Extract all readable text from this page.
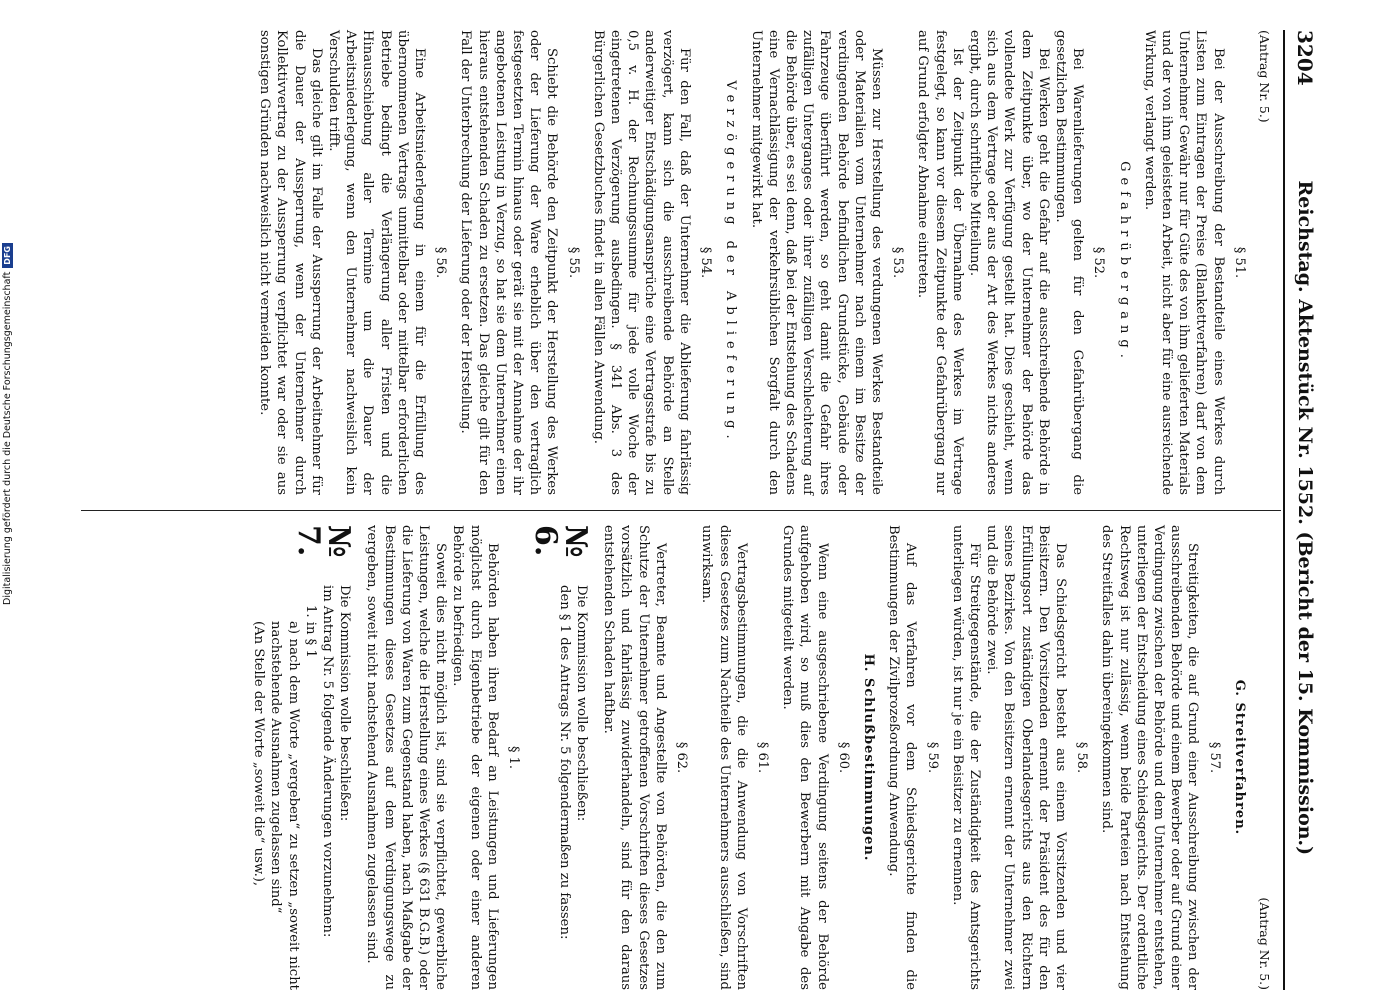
3204
Reichstag. Aktenstück Nr. 1552. (Bericht der 15. Kommission.)
(Antrag Nr. 5.)
§ 51.

Bei der Ausschreibung der Bestandteile eines Werkes durch Listen zum Eintragen der Preise (Blankettverfahren) darf von dem Unternehmer Gewähr nur für Güte des von ihm gelieferten Materials und der von ihm geleisteten Arbeit, nicht aber für eine ausreichende Wirkung, verlangt werden.

Gefahrübergang.
§ 52.

Bei Warenlieferungen gelten für den Gefahrübergang die gesetzlichen Bestimmungen.

Bei Werken geht die Gefahr auf die ausschreibende Behörde in dem Zeitpunkte über, wo der Unternehmer der Behörde das vollendete Werk zur Verfügung gestellt hat. Dies geschieht, wenn sich aus dem Vertrage oder aus der Art des Werkes nichts anderes ergibt, durch schriftliche Mitteilung.

Ist der Zeitpunkt der Übernahme des Werkes im Vertrage festgelegt, so kann vor diesem Zeitpunkte der Gefahrübergang nur auf Grund erfolgter Abnahme eintreten.

§ 53.

Müssen zur Herstellung des verdungenen Werkes Bestandteile oder Materialien vom Unternehmer nach einem im Besitze der verdingenden Behörde befindlichen Grundstücke, Gebäude oder Fahrzeuge überführt werden, so geht damit die Gefahr ihres zufälligen Unterganges oder ihrer zufälligen Verschlechterung auf die Behörde über, es sei denn, daß bei der Entstehung des Schadens eine Vernachlässigung der verkehrsüblichen Sorgfalt durch den Unternehmer mitgewirkt hat.

Verzögerung der Ablieferung.
§ 54.

Für den Fall, daß der Unternehmer die Ablieferung fahrlässig verzögert, kann sich die ausschreibende Behörde an Stelle anderweitiger Entschädigungsansprüche eine Vertragsstrafe bis zu 0,5 v. H. der Rechnungssumme für jede volle Woche der eingetretenen Verzögerung ausbedingen. § 341 Abs. 3 des Bürgerlichen Gesetzbuches findet in allen Fällen Anwendung.

§ 55.

Schiebt die Behörde den Zeitpunkt der Herstellung des Werkes oder der Lieferung der Ware erheblich über den vertraglich festgesetzten Termin hinaus oder gerät sie mit der Annahme der ihr angebotenen Leistung in Verzug, so hat sie dem Unternehmer einen hieraus entstehenden Schaden zu ersetzen. Das gleiche gilt für den Fall der Unterbrechung der Lieferung oder der Herstellung.

§ 56.

Eine Arbeitsniederlegung in einem für die Erfüllung des übernommenen Vertrags unmittelbar oder mittelbar erforderlichen Betriebe bedingt die Verlängerung aller Fristen und die Hinausschiebung aller Termine um die Dauer der Arbeitsniederlegung, wenn den Unternehmer nachweislich kein Verschulden trifft.

Das gleiche gilt im Falle der Aussperrung der Arbeitnehmer für die Dauer der Aussperrung, wenn der Unternehmer durch Kollektivvertrag zu der Aussperrung verpflichtet war oder sie aus sonstigen Gründen nachweislich nicht vermeiden konnte.

(Antrag Nr. 5.)
G. Streitverfahren.
§ 57.

Streitigkeiten, die auf Grund einer Ausschreibung zwischen der ausschreibenden Behörde und einem Bewerber oder auf Grund einer Verdingung zwischen der Behörde und dem Unternehmer entstehen, unterliegen der Entscheidung eines Schiedsgerichts. Der ordentliche Rechtsweg ist nur zulässig, wenn beide Parteien nach Entstehung des Streitfalles dahin übereingekommen sind.

§ 58.

Das Schiedsgericht besteht aus einem Vorsitzenden und vier Beisitzern. Den Vorsitzenden ernennt der Präsident des für den Erfüllungsort zuständigen Oberlandesgerichts aus den Richtern seines Bezirkes. Von den Beisitzern ernennt der Unternehmer zwei und die Behörde zwei.

Für Streitgegenstände, die der Zuständigkeit des Amtsgerichts unterliegen würden, ist nur je ein Beisitzer zu ernennen.

§ 59.

Auf das Verfahren vor dem Schiedsgerichte finden die Bestimmungen der Zivilprozeßordnung Anwendung.

H. Schlußbestimmungen.
§ 60.

Wenn eine ausgeschriebene Verdingung seitens der Behörde aufgehoben wird, so muß dies den Bewerbern mit Angabe des Grundes mitgeteilt werden.

§ 61.

Vertragsbestimmungen, die die Anwendung von Vorschriften dieses Gesetzes zum Nachteile des Unternehmers ausschließen, sind unwirksam.

§ 62.

Vertreter, Beamte und Angestellte von Behörden, die den zum Schutze der Unternehmer getroffenen Vorschriften dieses Gesetzes vorsätzlich und fahrlässig zuwiderhandeln, sind für den daraus entstehenden Schaden haftbar.

№ 6.

Die Kommission wolle beschließen:

den § 1 des Antrags Nr. 5 folgendermaßen zu fassen:

§ 1.

Behörden haben ihren Bedarf an Leistungen und Lieferungen möglichst durch Eigenbetriebe der eigenen oder einer anderen Behörde zu befriedigen.

Soweit dies nicht möglich ist, sind sie verpflichtet, gewerbliche Leistungen, welche die Herstellung eines Werkes (§ 631 B.G.B.) oder die Lieferung von Waren zum Gegenstand haben, nach Maßgabe der Bestimmungen dieses Gesetzes auf dem Verdingungswege zu vergeben, soweit nicht nachstehend Ausnahmen zugelassen sind.

№ 7.

Die Kommission wolle beschließen:

im Antrag Nr. 5 folgende Änderungen vorzunehmen:

1. in § 1

a) nach dem Worte „vergeben“ zu setzen „soweit nicht nachstehende Ausnahmen zugelassen sind“

(An Stelle der Worte „soweit die“ usw.),

Digitalisierung gefördert durch die Deutsche Forschungsgemeinschaft
DFG
